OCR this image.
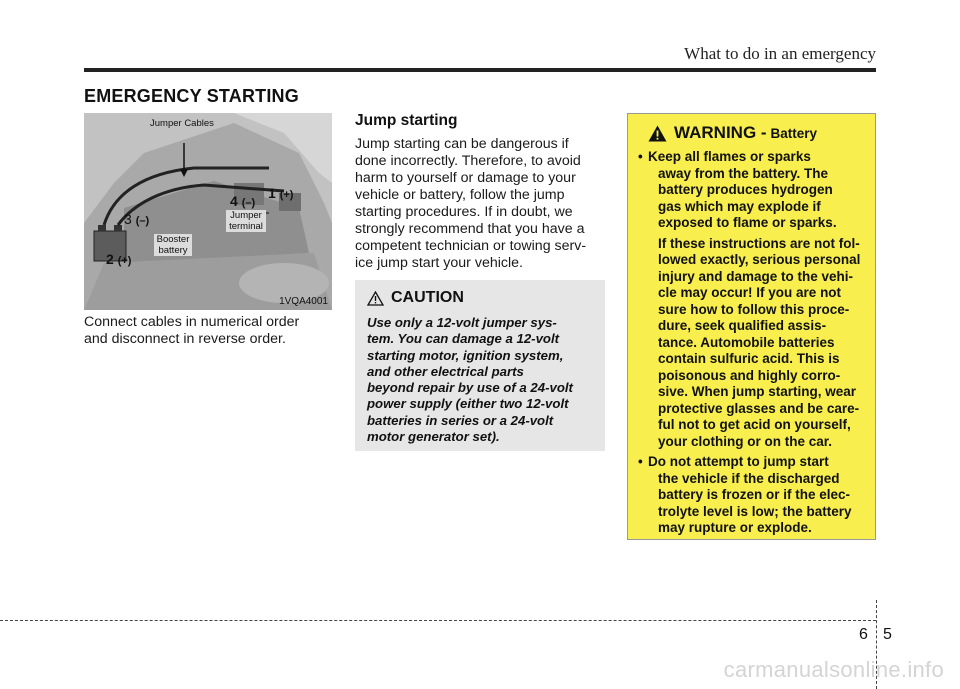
What to do in an emergency
EMERGENCY STARTING
Jumper Cables
Jumper
terminal
Booster
battery
1 (+)
2 (+)
3 (–)
4 (–)
1VQA4001
Connect cables in numerical order
and disconnect in reverse order.
Jump starting
Jump starting can be dangerous if
done incorrectly. Therefore, to avoid
harm to yourself or damage to your
vehicle or battery, follow the jump
starting procedures. If in doubt, we
strongly recommend that you have a
competent technician or towing serv-
ice jump start your vehicle.
CAUTION
Use only a 12-volt jumper sys-
tem. You can damage a 12-volt
starting motor, ignition system,
and other electrical parts
beyond repair by use of a 24-volt
power supply (either two 12-volt
batteries in series or a 24-volt
motor generator set).
WARNING - Battery
• Keep all flames or sparks
away from the battery. The
battery produces hydrogen
gas which may explode if
exposed to flame or sparks.
If these instructions are not fol-
lowed exactly, serious personal
injury and damage to the vehi-
cle may occur! If you are not
sure how to follow this proce-
dure, seek qualified assis-
tance. Automobile batteries
contain sulfuric acid. This is
poisonous and highly corro-
sive. When jump starting, wear
protective glasses and be care-
ful not to get acid on yourself,
your clothing or on the car.
• Do not attempt to jump start
the vehicle if the discharged
battery is frozen or if the elec-
trolyte level is low; the battery
may rupture or explode.
6 5
carmanualsonline.info
